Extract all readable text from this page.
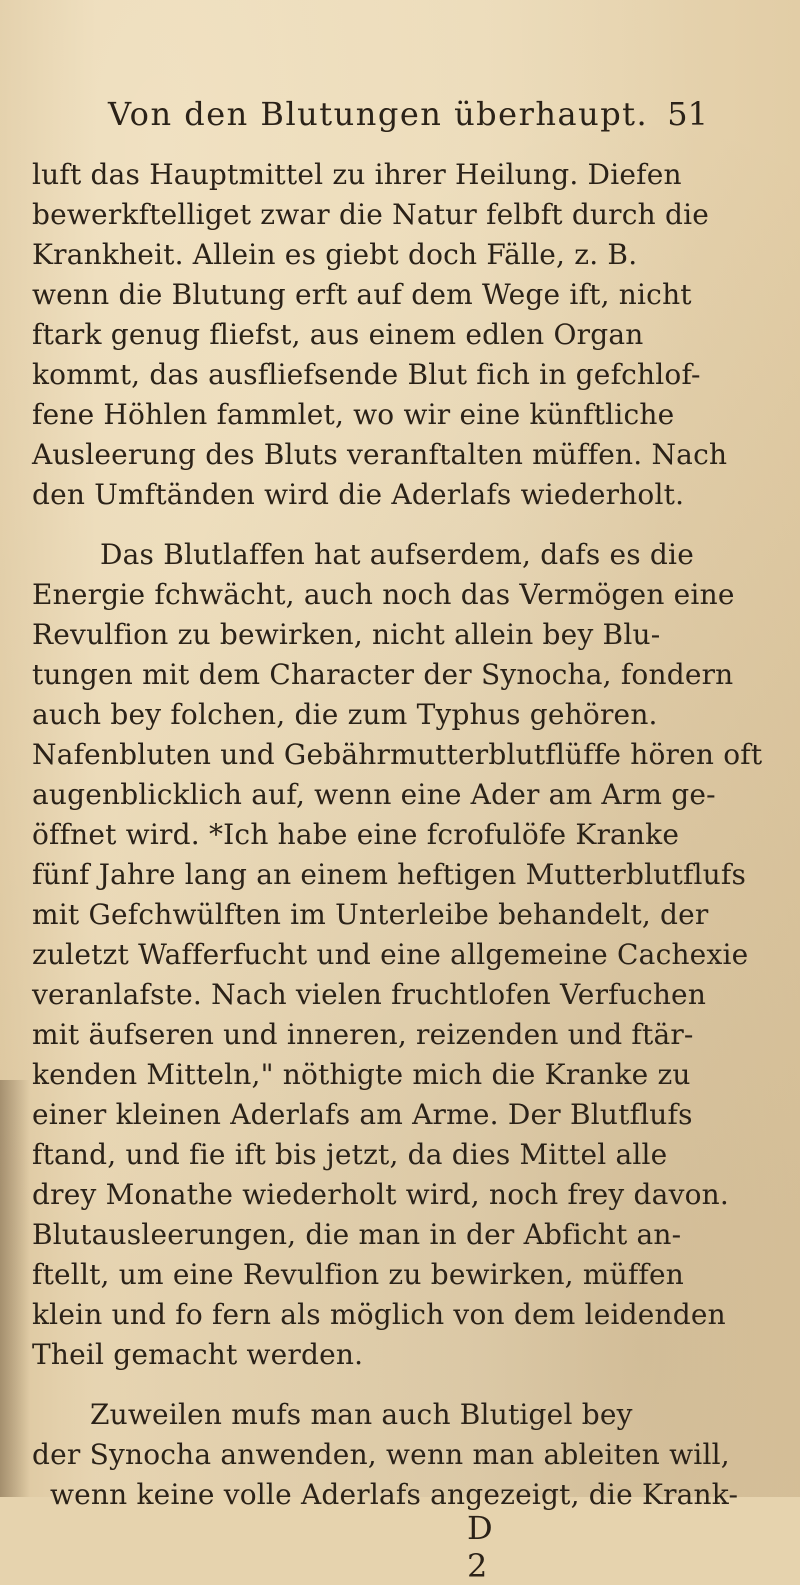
Von den Blutungen überhaupt. 51
luft das Hauptmittel zu ihrer Heilung. Diefen
bewerkftelliget zwar die Natur felbft durch die
Krankheit. Allein es giebt doch Fälle, z. B.
wenn die Blutung erft auf dem Wege ift, nicht
ftark genug fliefst, aus einem edlen Organ
kommt, das ausfliefsende Blut fich in gefchlof-
fene Höhlen fammlet, wo wir eine künftliche
Ausleerung des Bluts veranftalten müffen. Nach
den Umftänden wird die Aderlafs wiederholt.
Das Blutlaffen hat aufserdem, dafs es die
Energie fchwächt, auch noch das Vermögen eine
Revulfion zu bewirken, nicht allein bey Blu-
tungen mit dem Character der Synocha, fondern
auch bey folchen, die zum Typhus gehören.
Nafenbluten und Gebährmutterblutflüffe hören oft
augenblicklich auf, wenn eine Ader am Arm ge-
öffnet wird. *Ich habe eine fcrofulöfe Kranke
fünf Jahre lang an einem heftigen Mutterblutflufs
mit Gefchwülften im Unterleibe behandelt, der
zuletzt Wafferfucht und eine allgemeine Cachexie
veranlafste. Nach vielen fruchtlofen Verfuchen
mit äufseren und inneren, reizenden und ftär-
kenden Mitteln," nöthigte mich die Kranke zu
einer kleinen Aderlafs am Arme. Der Blutflufs
ftand, und fie ift bis jetzt, da dies Mittel alle
drey Monathe wiederholt wird, noch frey davon.
Blutausleerungen, die man in der Abficht an-
ftellt, um eine Revulfion zu bewirken, müffen
klein und fo fern als möglich von dem leidenden
Theil gemacht werden.
Zuweilen mufs man auch Blutigel bey
der Synocha anwenden, wenn man ableiten will,
wenn keine volle Aderlafs angezeigt, die Krank-
D 2
